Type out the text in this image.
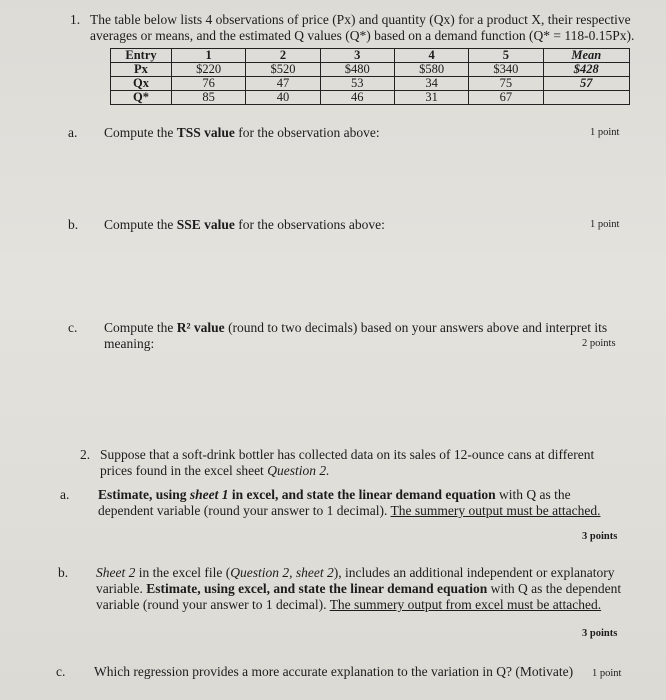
1. The table below lists 4 observations of price (Px) and quantity (Qx) for a product X, their respective
averages or means, and the estimated Q values (Q*) based on a demand function (Q* = 118-0.15Px).
Entry	1	2	3	4	5	Mean
Px	$220	$520	$480	$580	$340	$428
Qx	76	47	53	34	75	57
Q*	85	40	46	31	67	
a. Compute the TSS value for the observation above:	1 point
b. Compute the SSE value for the observations above:	1 point
c. Compute the R² value (round to two decimals) based on your answers above and interpret its
meaning:	2 points
2. Suppose that a soft-drink bottler has collected data on its sales of 12-ounce cans at different
prices found in the excel sheet Question 2.
a. Estimate, using sheet 1 in excel, and state the linear demand equation with Q as the
dependent variable (round your answer to 1 decimal). The summery output must be attached.
3 points
b. Sheet 2 in the excel file (Question 2, sheet 2), includes an additional independent or explanatory
variable. Estimate, using excel, and state the linear demand equation with Q as the dependent
variable (round your answer to 1 decimal). The summery output from excel must be attached.
3 points
c. Which regression provides a more accurate explanation to the variation in Q? (Motivate) 1 point
